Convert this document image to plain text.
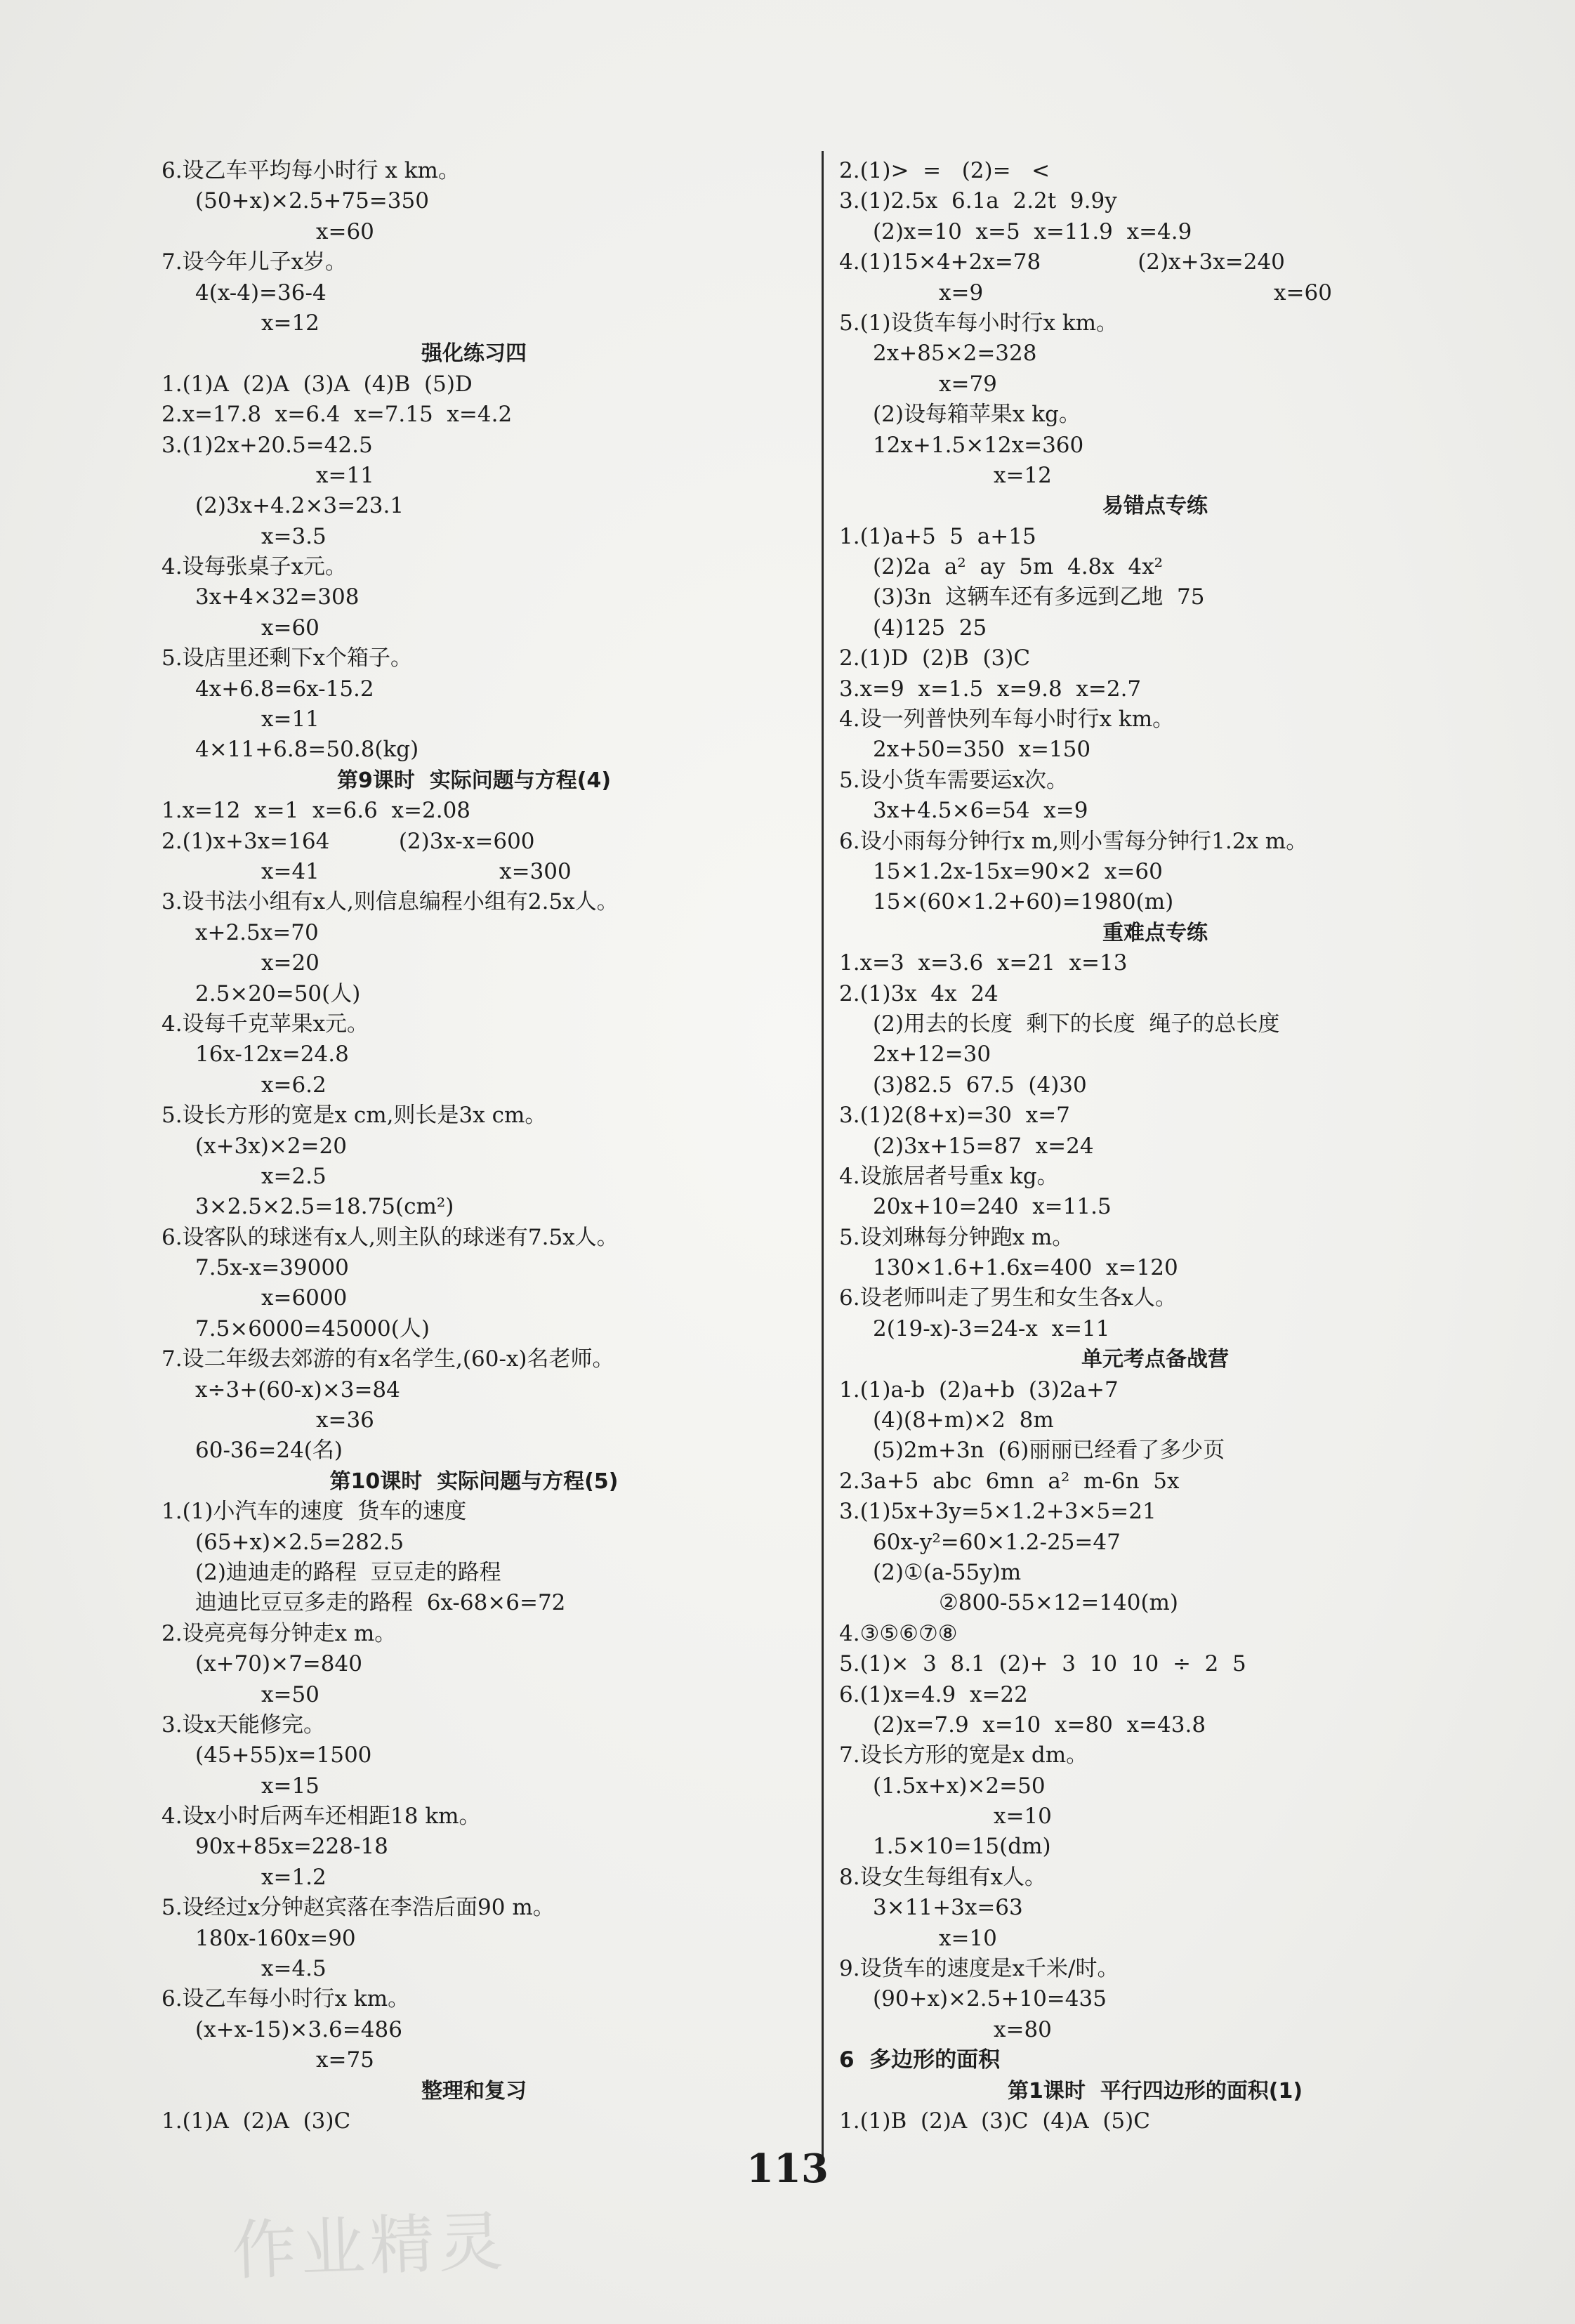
6.设乙车平均每小时行 x km。
(50+x)×2.5+75=350
x=60
7.设今年儿子x岁。
4(x-4)=36-4
x=12
强化练习四
1.(1)A  (2)A  (3)A  (4)B  (5)D
2.x=17.8  x=6.4  x=7.15  x=4.2
3.(1)2x+20.5=42.5
x=11
(2)3x+4.2×3=23.1
x=3.5
4.设每张桌子x元。
3x+4×32=308
x=60
5.设店里还剩下x个箱子。
4x+6.8=6x-15.2
x=11
4×11+6.8=50.8(kg)
第9课时  实际问题与方程(4)
1.x=12  x=1  x=6.6  x=2.08
2.(1)x+3x=164          (2)3x-x=600
x=41                          x=300
3.设书法小组有x人,则信息编程小组有2.5x人。
x+2.5x=70
x=20
2.5×20=50(人)
4.设每千克苹果x元。
16x-12x=24.8
x=6.2
5.设长方形的宽是x cm,则长是3x cm。
(x+3x)×2=20
x=2.5
3×2.5×2.5=18.75(cm²)
6.设客队的球迷有x人,则主队的球迷有7.5x人。
7.5x-x=39000
x=6000
7.5×6000=45000(人)
7.设二年级去郊游的有x名学生,(60-x)名老师。
x÷3+(60-x)×3=84
x=36
60-36=24(名)
第10课时  实际问题与方程(5)
1.(1)小汽车的速度  货车的速度
(65+x)×2.5=282.5
(2)迪迪走的路程  豆豆走的路程
迪迪比豆豆多走的路程  6x-68×6=72
2.设亮亮每分钟走x m。
(x+70)×7=840
x=50
3.设x天能修完。
(45+55)x=1500
x=15
4.设x小时后两车还相距18 km。
90x+85x=228-18
x=1.2
5.设经过x分钟赵宾落在李浩后面90 m。
180x-160x=90
x=4.5
6.设乙车每小时行x km。
(x+x-15)×3.6=486
x=75
整理和复习
1.(1)A  (2)A  (3)C
2.(1)>  =   (2)=   <
3.(1)2.5x  6.1a  2.2t  9.9y
(2)x=10  x=5  x=11.9  x=4.9
4.(1)15×4+2x=78              (2)x+3x=240
x=9                                          x=60
5.(1)设货车每小时行x km。
2x+85×2=328
x=79
(2)设每箱苹果x kg。
12x+1.5×12x=360
x=12
易错点专练
1.(1)a+5  5  a+15
(2)2a  a²  ay  5m  4.8x  4x²
(3)3n  这辆车还有多远到乙地  75
(4)125  25
2.(1)D  (2)B  (3)C
3.x=9  x=1.5  x=9.8  x=2.7
4.设一列普快列车每小时行x km。
2x+50=350  x=150
5.设小货车需要运x次。
3x+4.5×6=54  x=9
6.设小雨每分钟行x m,则小雪每分钟行1.2x m。
15×1.2x-15x=90×2  x=60
15×(60×1.2+60)=1980(m)
重难点专练
1.x=3  x=3.6  x=21  x=13
2.(1)3x  4x  24
(2)用去的长度  剩下的长度  绳子的总长度
2x+12=30
(3)82.5  67.5  (4)30
3.(1)2(8+x)=30  x=7
(2)3x+15=87  x=24
4.设旅居者号重x kg。
20x+10=240  x=11.5
5.设刘琳每分钟跑x m。
130×1.6+1.6x=400  x=120
6.设老师叫走了男生和女生各x人。
2(19-x)-3=24-x  x=11
单元考点备战营
1.(1)a-b  (2)a+b  (3)2a+7
(4)(8+m)×2  8m
(5)2m+3n  (6)丽丽已经看了多少页
2.3a+5  abc  6mn  a²  m-6n  5x
3.(1)5x+3y=5×1.2+3×5=21
60x-y²=60×1.2-25=47
(2)①(a-55y)m
②800-55×12=140(m)
4.③⑤⑥⑦⑧
5.(1)×  3  8.1  (2)+  3  10  10  ÷  2  5
6.(1)x=4.9  x=22
(2)x=7.9  x=10  x=80  x=43.8
7.设长方形的宽是x dm。
(1.5x+x)×2=50
x=10
1.5×10=15(dm)
8.设女生每组有x人。
3×11+3x=63
x=10
9.设货车的速度是x千米/时。
(90+x)×2.5+10=435
x=80
6  多边形的面积
第1课时  平行四边形的面积(1)
1.(1)B  (2)A  (3)C  (4)A  (5)C
113
作业精灵
